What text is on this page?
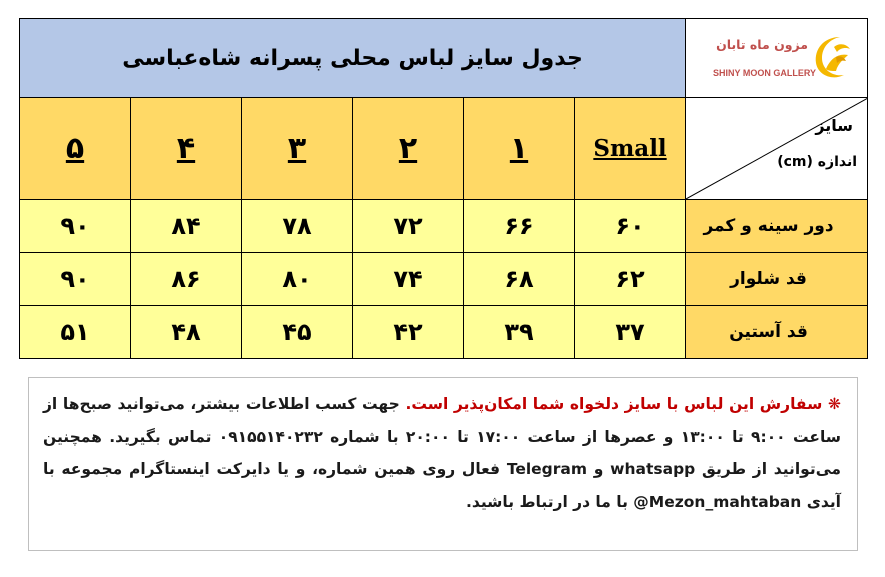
جدول سایز لباس محلی پسرانه شاه‌عباسی						مزون ماه تابان
SHINY MOON GALLERY

۵	۴	۳	۲	۱	Small	سایز
اندازه (cm)

۹۰	۸۴	۷۸	۷۲	۶۶	۶۰	دور سینه و کمر
۹۰	۸۶	۸۰	۷۴	۶۸	۶۲	قد شلوار
۵۱	۴۸	۴۵	۴۲	۳۹	۳۷	قد آستین
❋ سفارش این لباس با سایز دلخواه شما امکان‌پذیر است. جهت کسب اطلاعات بیشتر، می‌توانید صبح‌ها از ساعت ۹:۰۰ تا ۱۳:۰۰ و عصرها از ساعت ۱۷:۰۰ تا ۲۰:۰۰ با شماره ۰۹۱۵۵۱۴۰۲۳۲ تماس بگیرید. همچنین می‌توانید از طریق whatsapp و Telegram فعال روی همین شماره، و یا دایرکت اینستاگرام مجموعه با آیدی Mezon_mahtaban@ با ما در ارتباط باشید.
